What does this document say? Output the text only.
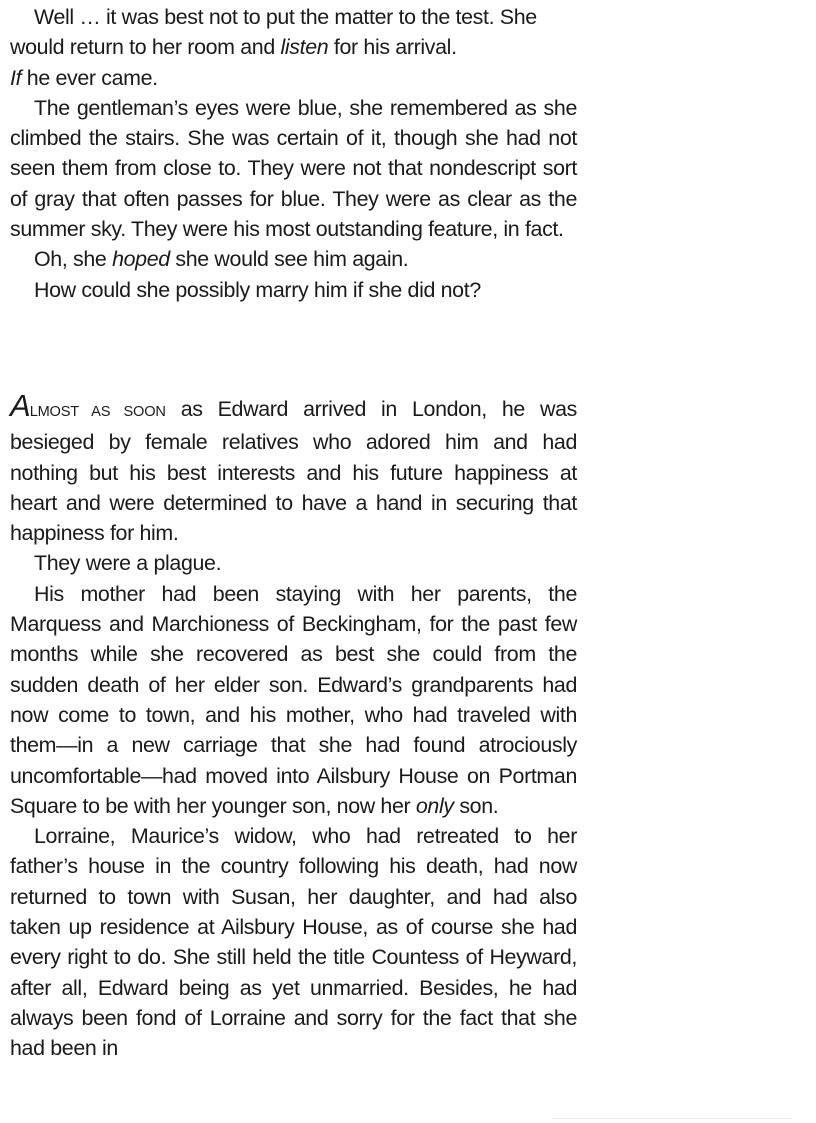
Well … it was best not to put the matter to the test. She would return to her room and listen for his arrival.

If he ever came.

The gentleman’s eyes were blue, she remembered as she climbed the stairs. She was certain of it, though she had not seen them from close to. They were not that nondescript sort of gray that often passes for blue. They were as clear as the summer sky. They were his most outstanding feature, in fact.

Oh, she hoped she would see him again.

How could she possibly marry him if she did not?

ALMOST AS SOON as Edward arrived in London, he was besieged by female relatives who adored him and had nothing but his best interests and his future happiness at heart and were determined to have a hand in securing that happiness for him.

They were a plague.

His mother had been staying with her parents, the Marquess and Marchioness of Beckingham, for the past few months while she recovered as best she could from the sudden death of her elder son. Edward’s grandparents had now come to town, and his mother, who had traveled with them—in a new carriage that she had found atrociously uncomfortable—had moved into Ailsbury House on Portman Square to be with her younger son, now her only son.

Lorraine, Maurice’s widow, who had retreated to her father’s house in the country following his death, had now returned to town with Susan, her daughter, and had also taken up residence at Ailsbury House, as of course she had every right to do. She still held the title Countess of Heyward, after all, Edward being as yet unmarried. Besides, he had always been fond of Lorraine and sorry for the fact that she had been in
